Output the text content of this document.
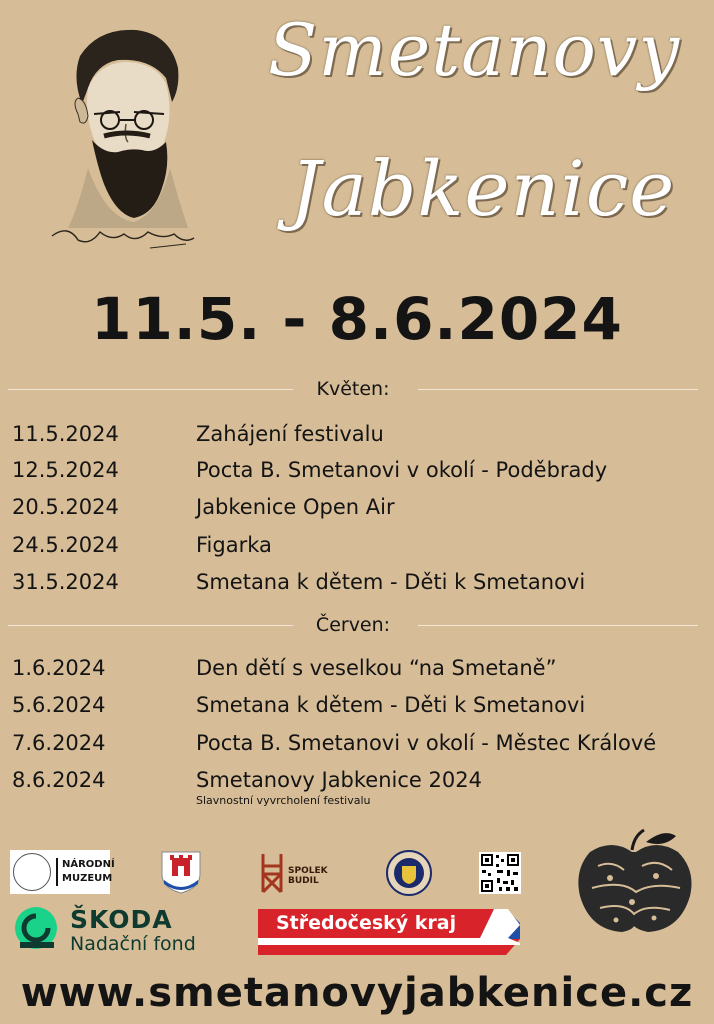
Smetanovy
Jabkenice
11.5. - 8.6.2024
Květen:
11.5.2024	Zahájení festivalu
12.5.2024	Pocta B. Smetanovi v okolí - Poděbrady
20.5.2024	Jabkenice Open Air
24.5.2024	Figarka
31.5.2024	Smetana k dětem - Děti k Smetanovi
Červen:
1.6.2024	Den dětí s veselkou “na Smetaně”
5.6.2024	Smetana k dětem - Děti k Smetanovi
7.6.2024	Pocta B. Smetanovi v okolí - Městec Králové
8.6.2024	Smetanovy Jabkenice 2024
Slavnostní vyvrcholení festivalu
NÁRODNÍ MUZEUM
SPOLEK BUDIL
ŠKODA
Nadační fond
Středočeský kraj
www.smetanovyjabkenice.cz
